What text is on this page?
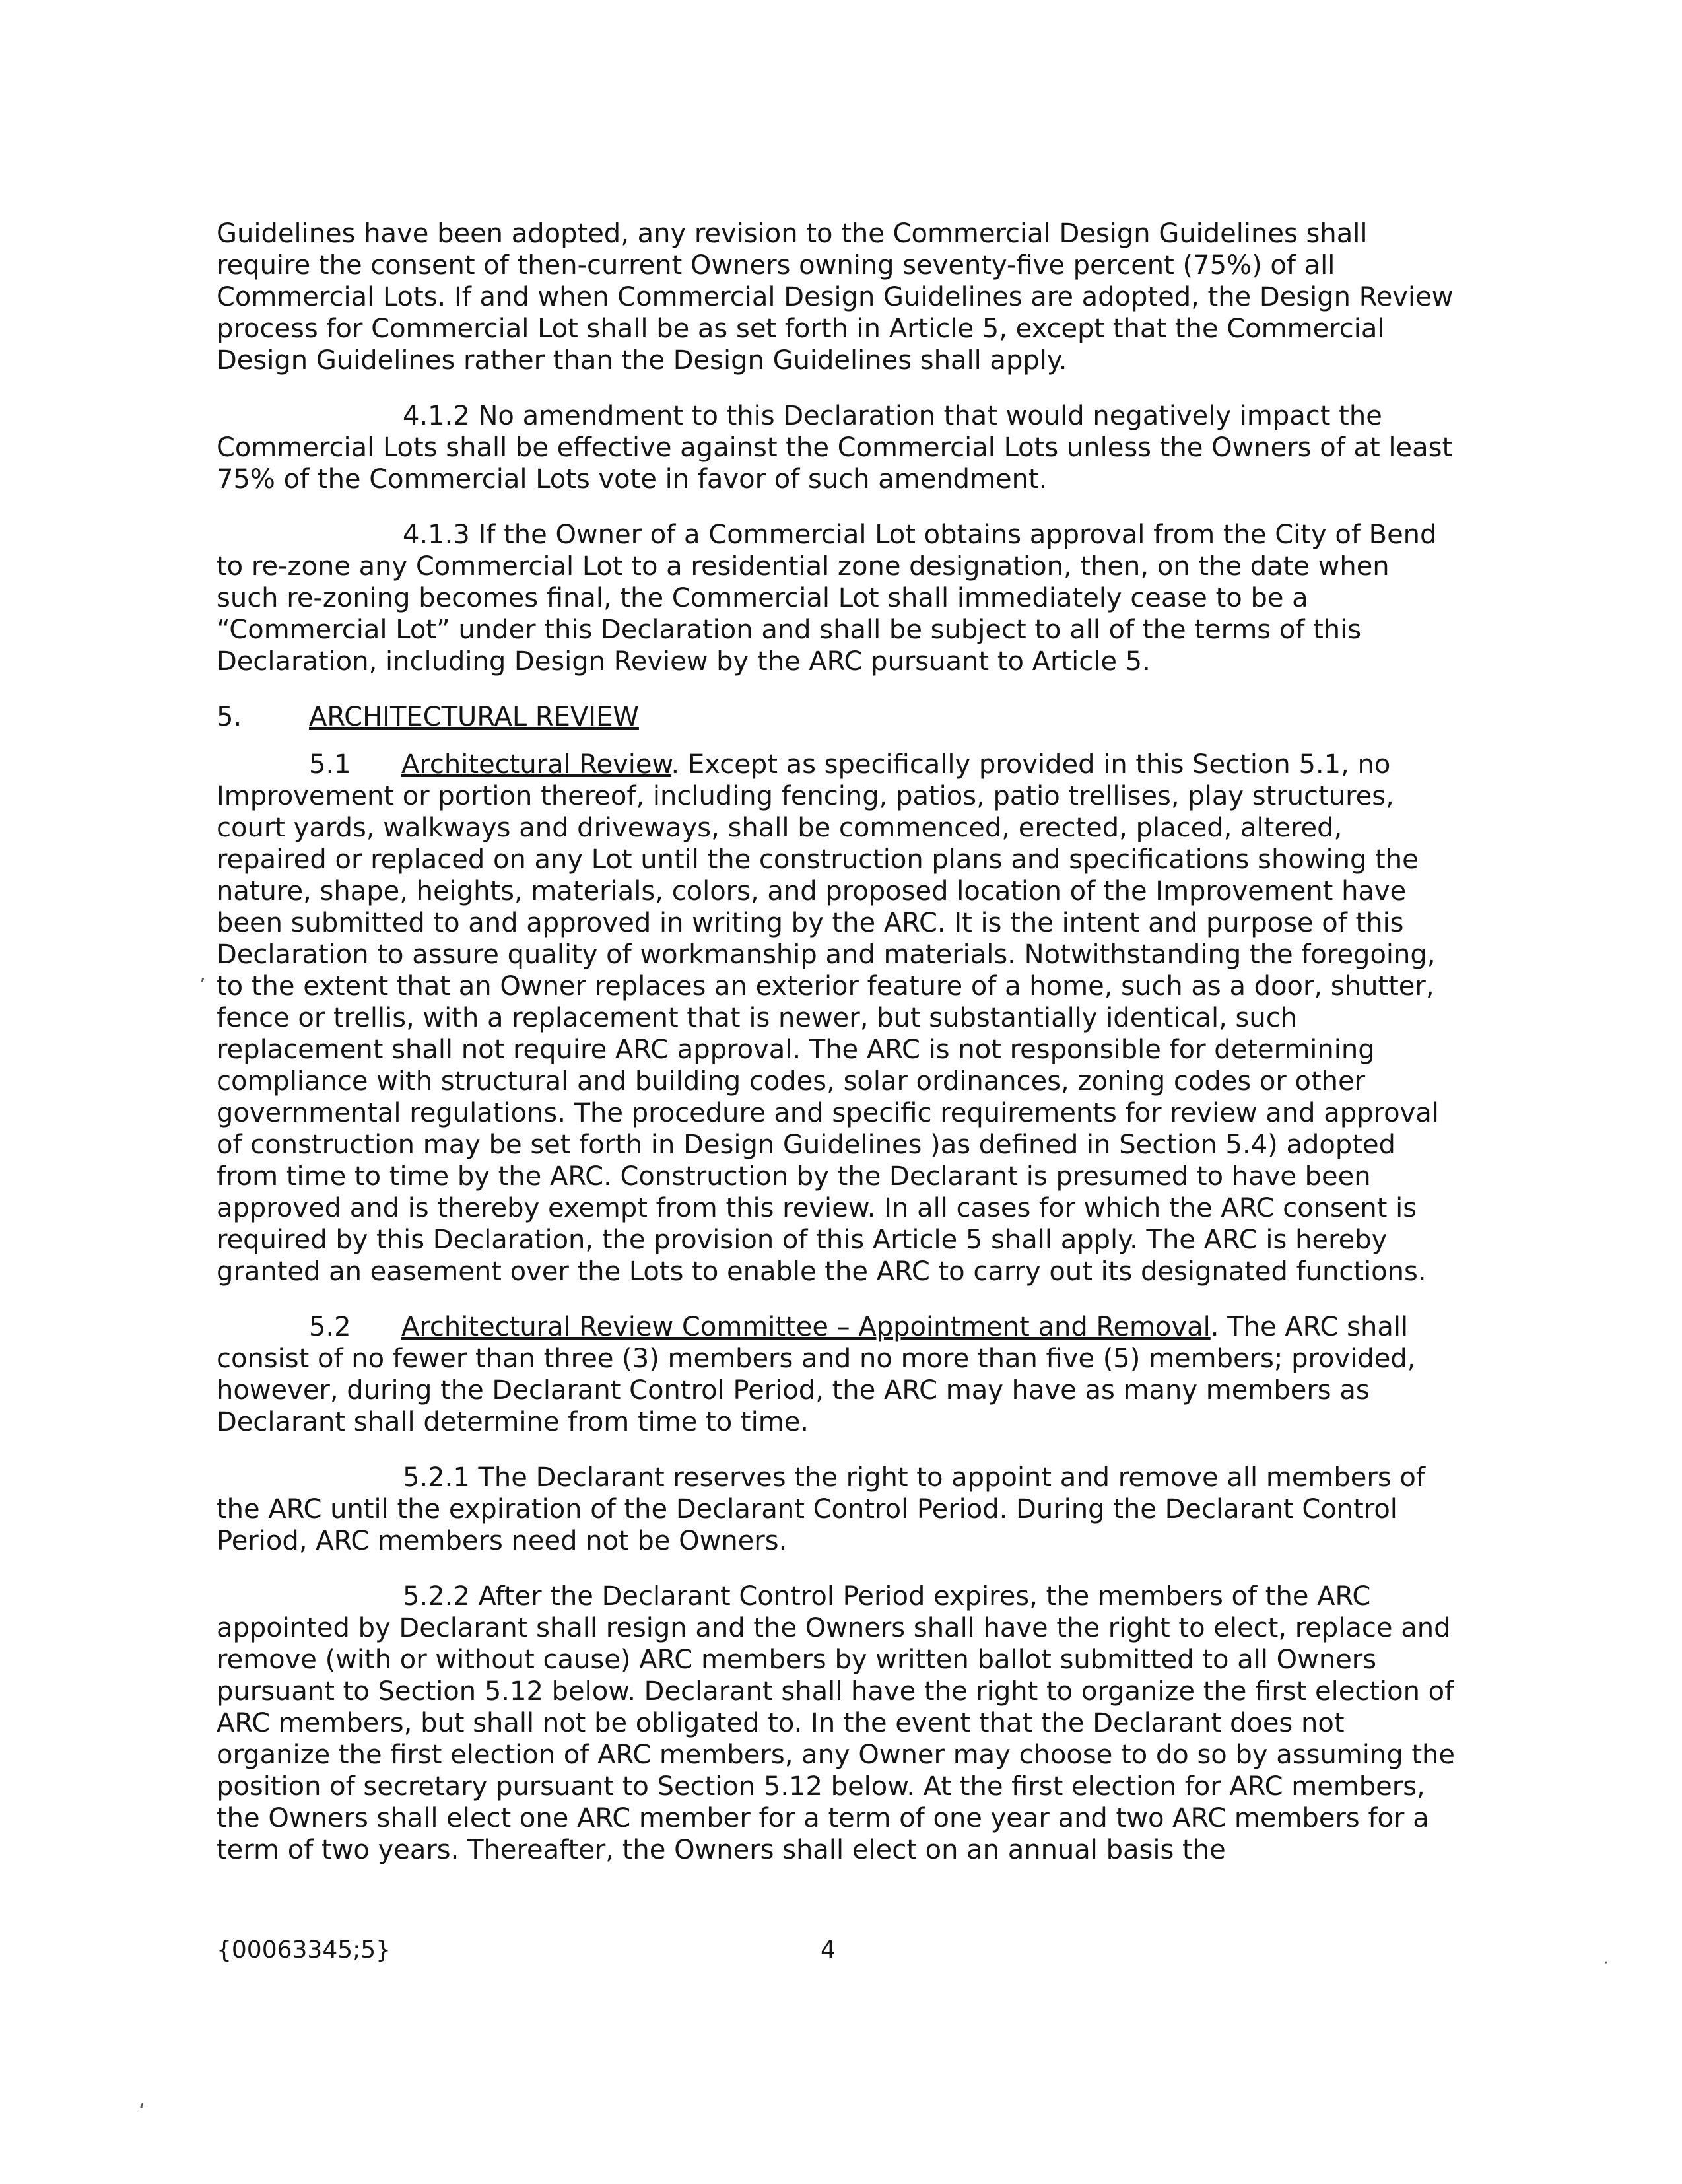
Guidelines have been adopted, any revision to the Commercial Design Guidelines shall require the consent of then-current Owners owning seventy-five percent (75%) of all Commercial Lots. If and when Commercial Design Guidelines are adopted, the Design Review process for Commercial Lot shall be as set forth in Article 5, except that the Commercial Design Guidelines rather than the Design Guidelines shall apply.

4.1.2 No amendment to this Declaration that would negatively impact the Commercial Lots shall be effective against the Commercial Lots unless the Owners of at least 75% of the Commercial Lots vote in favor of such amendment.

4.1.3 If the Owner of a Commercial Lot obtains approval from the City of Bend to re-zone any Commercial Lot to a residential zone designation, then, on the date when such re-zoning becomes final, the Commercial Lot shall immediately cease to be a “Commercial Lot” under this Declaration and shall be subject to all of the terms of this Declaration, including Design Review by the ARC pursuant to Article 5.

5.	ARCHITECTURAL REVIEW

5.1 Architectural Review. Except as specifically provided in this Section 5.1, no Improvement or portion thereof, including fencing, patios, patio trellises, play structures, court yards, walkways and driveways, shall be commenced, erected, placed, altered, repaired or replaced on any Lot until the construction plans and specifications showing the nature, shape, heights, materials, colors, and proposed location of the Improvement have been submitted to and approved in writing by the ARC. It is the intent and purpose of this Declaration to assure quality of workmanship and materials. Notwithstanding the foregoing, to the extent that an Owner replaces an exterior feature of a home, such as a door, shutter, fence or trellis, with a replacement that is newer, but substantially identical, such replacement shall not require ARC approval. The ARC is not responsible for determining compliance with structural and building codes, solar ordinances, zoning codes or other governmental regulations. The procedure and specific requirements for review and approval of construction may be set forth in Design Guidelines )as defined in Section 5.4) adopted from time to time by the ARC. Construction by the Declarant is presumed to have been approved and is thereby exempt from this review. In all cases for which the ARC consent is required by this Declaration, the provision of this Article 5 shall apply. The ARC is hereby granted an easement over the Lots to enable the ARC to carry out its designated functions.

5.2 Architectural Review Committee – Appointment and Removal. The ARC shall consist of no fewer than three (3) members and no more than five (5) members; provided, however, during the Declarant Control Period, the ARC may have as many members as Declarant shall determine from time to time.

5.2.1 The Declarant reserves the right to appoint and remove all members of the ARC until the expiration of the Declarant Control Period. During the Declarant Control Period, ARC members need not be Owners.

5.2.2 After the Declarant Control Period expires, the members of the ARC appointed by Declarant shall resign and the Owners shall have the right to elect, replace and remove (with or without cause) ARC members by written ballot submitted to all Owners pursuant to Section 5.12 below. Declarant shall have the right to organize the first election of ARC members, but shall not be obligated to. In the event that the Declarant does not organize the first election of ARC members, any Owner may choose to do so by assuming the position of secretary pursuant to Section 5.12 below. At the first election for ARC members, the Owners shall elect one ARC member for a term of one year and two ARC members for a term of two years. Thereafter, the Owners shall elect on an annual basis the

{00063345;5}	4
’
·
‘
